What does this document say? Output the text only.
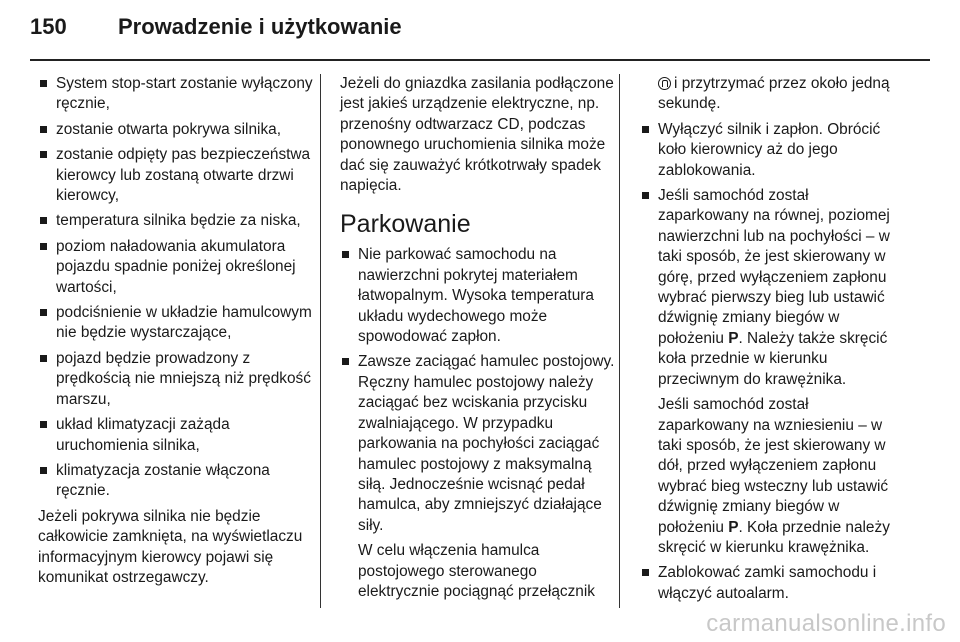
150	Prowadzenie i użytkowanie
System stop-start zostanie wyłączony ręcznie,
zostanie otwarta pokrywa silnika,
zostanie odpięty pas bezpieczeństwa kierowcy lub zostaną otwarte drzwi kierowcy,
temperatura silnika będzie za niska,
poziom naładowania akumulatora pojazdu spadnie poniżej określonej wartości,
podciśnienie w układzie hamulcowym nie będzie wystarczające,
pojazd będzie prowadzony z prędkością nie mniejszą niż prędkość marszu,
układ klimatyzacji zażąda uruchomienia silnika,
klimatyzacja zostanie włączona ręcznie.

Jeżeli pokrywa silnika nie będzie całkowicie zamknięta, na wyświetlaczu informacyjnym kierowcy pojawi się komunikat ostrzegawczy.

Jeżeli do gniazdka zasilania podłączone jest jakieś urządzenie elektryczne, np. przenośny odtwarzacz CD, podczas ponownego uruchomienia silnika może dać się zauważyć krótkotrwały spadek napięcia.

Parkowanie
Nie parkować samochodu na nawierzchni pokrytej materiałem łatwopalnym. Wysoka temperatura układu wydechowego może spowodować zapłon.
Zawsze zaciągać hamulec postojowy. Ręczny hamulec postojowy należy zaciągać bez wciskania przycisku zwalniającego. W przypadku parkowania na pochyłości zaciągać hamulec postojowy z maksymalną siłą. Jednocześnie wcisnąć pedał hamulca, aby zmniejszyć działające siły.

W celu włączenia hamulca postojowego sterowanego elektrycznie pociągnąć przełącznik

i przytrzymać przez około jedną sekundę.

Wyłączyć silnik i zapłon. Obrócić koło kierownicy aż do jego zablokowania.
Jeśli samochód został zaparkowany na równej, poziomej nawierzchni lub na pochyłości – w taki sposób, że jest skierowany w górę, przed wyłączeniem zapłonu wybrać pierwszy bieg lub ustawić dźwignię zmiany biegów w położeniu P. Należy także skręcić koła przednie w kierunku przeciwnym do krawężnika.

Jeśli samochód został zaparkowany na wzniesieniu – w taki sposób, że jest skierowany w dół, przed wyłączeniem zapłonu wybrać bieg wsteczny lub ustawić dźwignię zmiany biegów w położeniu P. Koła przednie należy skręcić w kierunku krawężnika.

Zablokować zamki samochodu i włączyć autoalarm.
carmanualsonline.info
